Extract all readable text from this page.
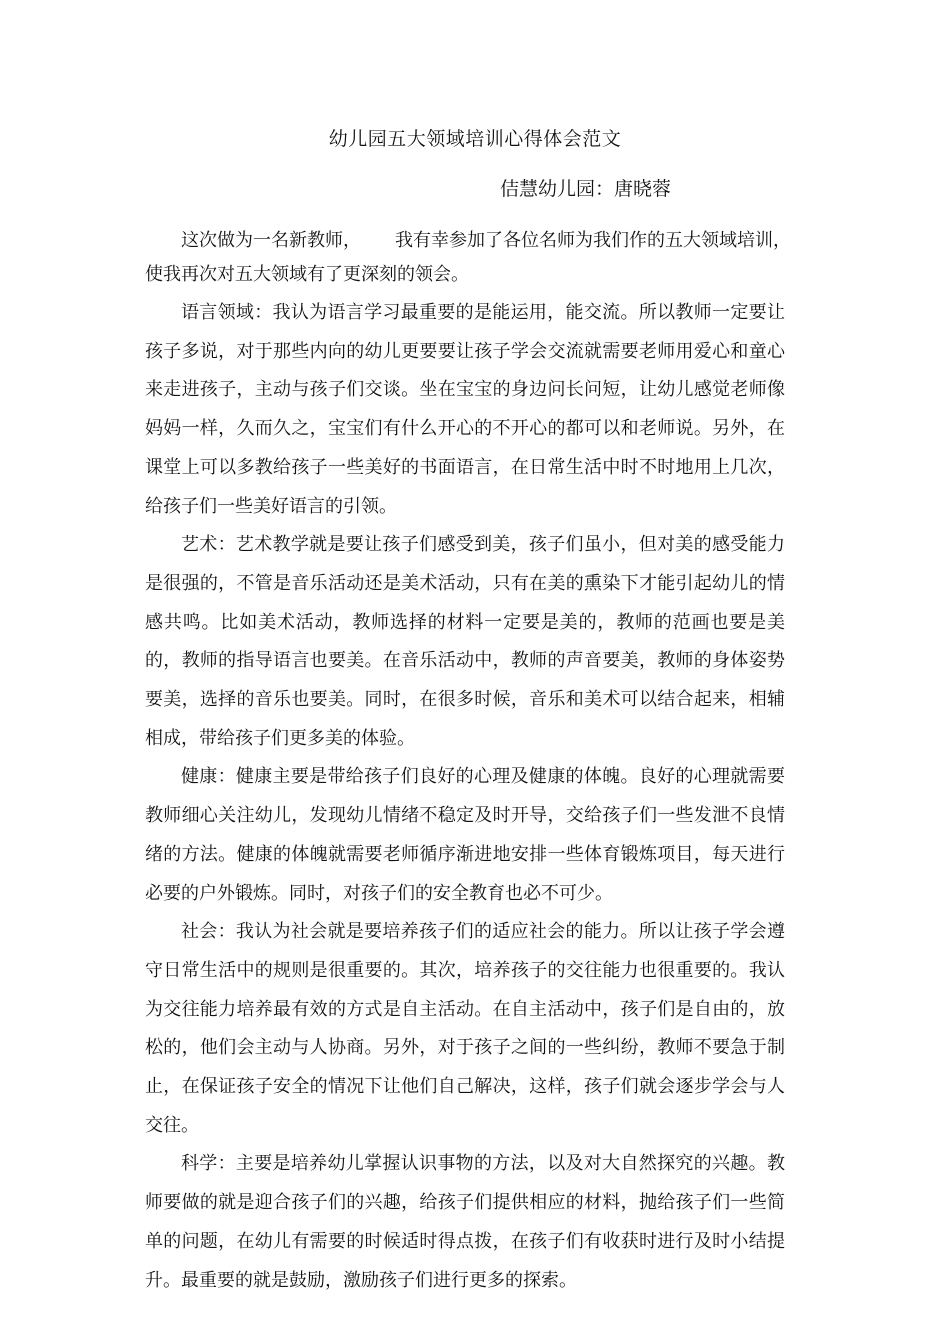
幼儿园五大领域培训心得体会范文
佶慧幼儿园：唐晓蓉

这次做为一名新教师， 我有幸参加了各位名师为我们作的五大领域培训，
使我再次对五大领域有了更深刻的领会。

语言领域：我认为语言学习最重要的是能运用，能交流。所以教师一定要让孩子多说，对于那些内向的幼儿更要要让孩子学会交流就需要老师用爱心和童心来走进孩子，主动与孩子们交谈。坐在宝宝的身边问长问短，让幼儿感觉老师像妈妈一样，久而久之，宝宝们有什么开心的不开心的都可以和老师说。另外，在课堂上可以多教给孩子一些美好的书面语言，在日常生活中时不时地用上几次，给孩子们一些美好语言的引领。

艺术：艺术教学就是要让孩子们感受到美，孩子们虽小，但对美的感受能力是很强的，不管是音乐活动还是美术活动，只有在美的熏染下才能引起幼儿的情感共鸣。比如美术活动，教师选择的材料一定要是美的，教师的范画也要是美的，教师的指导语言也要美。在音乐活动中，教师的声音要美，教师的身体姿势要美，选择的音乐也要美。同时，在很多时候，音乐和美术可以结合起来，相辅相成，带给孩子们更多美的体验。

健康：健康主要是带给孩子们良好的心理及健康的体魄。良好的心理就需要教师细心关注幼儿，发现幼儿情绪不稳定及时开导，交给孩子们一些发泄不良情绪的方法。健康的体魄就需要老师循序渐进地安排一些体育锻炼项目，每天进行必要的户外锻炼。同时，对孩子们的安全教育也必不可少。

社会：我认为社会就是要培养孩子们的适应社会的能力。所以让孩子学会遵守日常生活中的规则是很重要的。其次，培养孩子的交往能力也很重要的。我认为交往能力培养最有效的方式是自主活动。在自主活动中，孩子们是自由的，放松的，他们会主动与人协商。另外，对于孩子之间的一些纠纷，教师不要急于制止，在保证孩子安全的情况下让他们自己解决，这样，孩子们就会逐步学会与人交往。

科学：主要是培养幼儿掌握认识事物的方法，以及对大自然探究的兴趣。教师要做的就是迎合孩子们的兴趣，给孩子们提供相应的材料，抛给孩子们一些简单的问题，在幼儿有需要的时候适时得点拨，在孩子们有收获时进行及时小结提升。最重要的就是鼓励，激励孩子们进行更多的探索。
